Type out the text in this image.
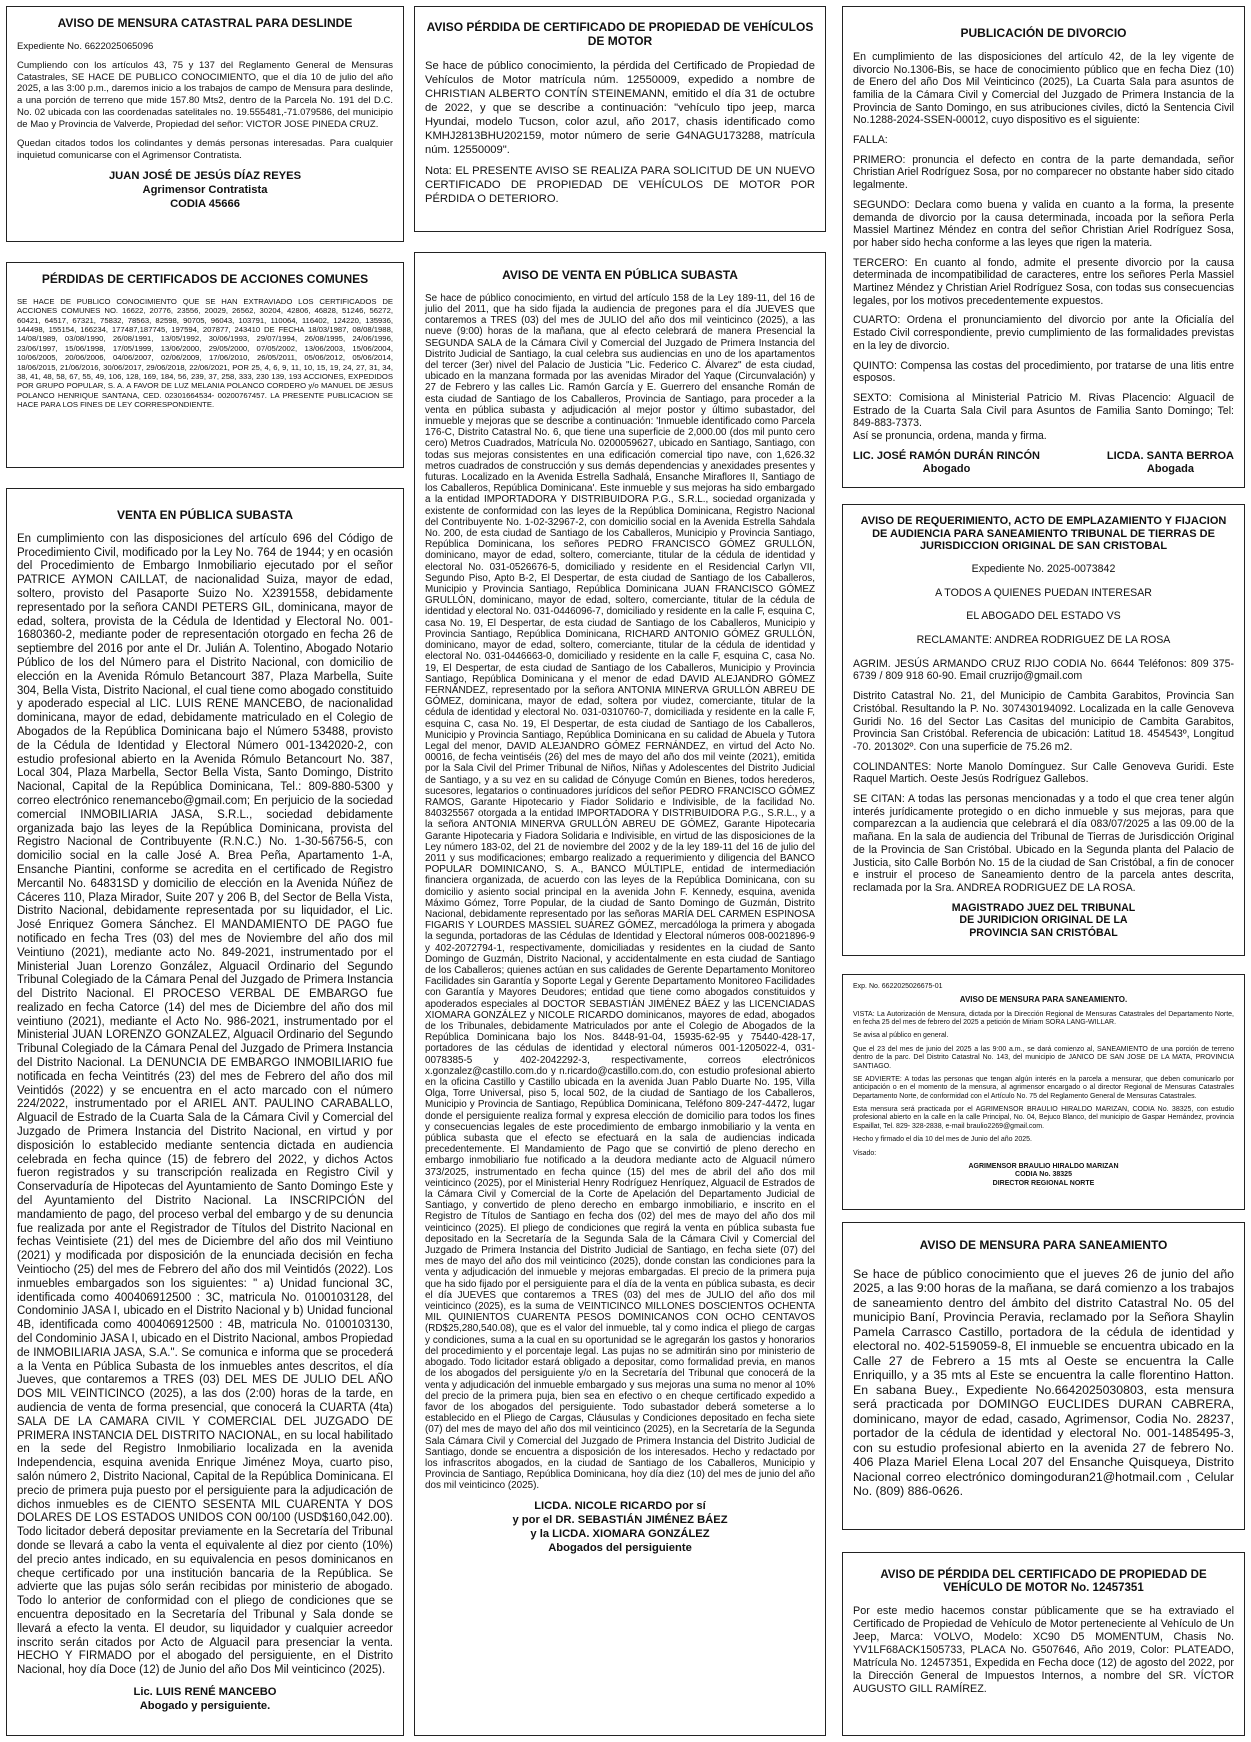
AVISO DE MENSURA CATASTRAL PARA DESLINDE

Expediente No. 6622025065096

Cumpliendo con los artículos 43, 75 y 137 del Reglamento General de Mensuras Catastrales, SE HACE DE PUBLICO CONOCIMIENTO, que el día 10 de julio del año 2025, a las 3:00 p.m., daremos inicio a los trabajos de campo de Mensura para deslinde, a una porción de terreno que mide 157.80 Mts2, dentro de la Parcela No. 191 del D.C. No. 02 ubicada con las coordenadas satelitales no. 19.555481,-71.079586, del municipio de Mao y Provincia de Valverde, Propiedad del señor: VICTOR JOSE PINEDA CRUZ.

Quedan citados todos los colindantes y demás personas interesadas. Para cualquier inquietud comunicarse con el Agrimensor Contratista.

JUAN JOSÉ DE JESÚS DÍAZ REYES
Agrimensor Contratista
CODIA 45666
PÉRDIDAS DE CERTIFICADOS DE ACCIONES COMUNES

SE HACE DE PUBLICO CONOCIMIENTO QUE SE HAN EXTRAVIADO LOS CERTIFICADOS DE ACCIONES COMUNES NO. 16622, 20776, 23556, 20029, 26562, 30204, 42806, 46828, 51246, 56272, 60421, 64517, 67321, 75832, 78563, 82598, 90705, 96043, 103791, 110064, 116402, 124220, 135936, 144498, 155154, 166234, 177487,187745, 197594, 207877, 243410 DE FECHA 18/03/1987, 08/08/1988, 14/08/1989, 03/08/1990, 26/08/1991, 13/05/1992, 30/06/1993, 29/07/1994, 26/08/1995, 24/06/1996, 23/06/1997, 15/06/1998, 17/05/1999, 13/06/2000, 29/05/2000, 07/05/2002, 13/06/2003, 15/06/2004, 10/06/2005, 20/06/2006, 04/06/2007, 02/06/2009, 17/06/2010, 26/05/2011, 05/06/2012, 05/06/2014, 18/06/2015, 21/06/2016, 30/06/2017, 29/06/2018, 22/06/2021, POR 25, 4, 6, 9, 11, 10, 15, 19, 24, 27, 31, 34, 38, 41, 48, 58, 67, 55, 49, 106, 128, 169, 184, 56, 239, 37, 258, 333, 230 139, 193 ACCIONES, EXPEDIDOS POR GRUPO POPULAR, S. A. A FAVOR DE LUZ MELANIA POLANCO CORDERO y/o MANUEL DE JESUS POLANCO HENRIQUE SANTANA, CED. 02301664534- 00200767457. LA PRESENTE PUBLICACION SE HACE PARA LOS FINES DE LEY CORRESPONDIENTE.

VENTA EN PÚBLICA SUBASTA

En cumplimiento con las disposiciones del artículo 696 del Código de Procedimiento Civil, modificado por la Ley No. 764 de 1944; y en ocasión del Procedimiento de Embargo Inmobiliario ejecutado por el señor PATRICE AYMON CAILLAT, de nacionalidad Suiza, mayor de edad, soltero, provisto del Pasaporte Suizo No. X2391558, debidamente representado por la señora CANDI PETERS GIL, dominicana, mayor de edad, soltera, provista de la Cédula de Identidad y Electoral No. 001-1680360-2, mediante poder de representación otorgado en fecha 26 de septiembre del 2016 por ante el Dr. Julián A. Tolentino, Abogado Notario Público de los del Número para el Distrito Nacional, con domicilio de elección en la Avenida Rómulo Betancourt 387, Plaza Marbella, Suite 304, Bella Vista, Distrito Nacional, el cual tiene como abogado constituido y apoderado especial al LIC. LUIS RENE MANCEBO, de nacionalidad dominicana, mayor de edad, debidamente matriculado en el Colegio de Abogados de la República Dominicana bajo el Número 53488, provisto de la Cédula de Identidad y Electoral Número 001-1342020-2, con estudio profesional abierto en la Avenida Rómulo Betancourt No. 387, Local 304, Plaza Marbella, Sector Bella Vista, Santo Domingo, Distrito Nacional, Capital de la República Dominicana, Tel.: 809-880-5300 y correo electrónico renemancebo@gmail.com; En perjuicio de la sociedad comercial INMOBILIARIA JASA, S.R.L., sociedad debidamente organizada bajo las leyes de la República Dominicana, provista del Registro Nacional de Contribuyente (R.N.C.) No. 1-30-56756-5, con domicilio social en la calle José A. Brea Peña, Apartamento 1-A, Ensanche Piantini, conforme se acredita en el certificado de Registro Mercantil No. 64831SD y domicilio de elección en la Avenida Núñez de Cáceres 110, Plaza Mirador, Suite 207 y 206 B, del Sector de Bella Vista, Distrito Nacional, debidamente representada por su liquidador, el Lic. José Enriquez Gomera Sánchez. El MANDAMIENTO DE PAGO fue notificado en fecha Tres (03) del mes de Noviembre del año dos mil Veintiuno (2021), mediante acto No. 849-2021, instrumentado por el Ministerial Juan Lorenzo González, Alguacil Ordinario del Segundo Tribunal Colegiado de la Cámara Penal del Juzgado de Primera Instancia del Distrito Nacional. El PROCESO VERBAL DE EMBARGO fue realizado en fecha Catorce (14) del mes de Diciembre del año dos mil veintiuno (2021), mediante el Acto No. 986-2021, instrumentado por el Ministerial JUAN LORENZO GONZALEZ, Alguacil Ordinario del Segundo Tribunal Colegiado de la Cámara Penal del Juzgado de Primera Instancia del Distrito Nacional. La DENUNCIA DE EMBARGO INMOBILIARIO fue notificada en fecha Veintitrés (23) del mes de Febrero del año dos mil Veintidós (2022) y se encuentra en el acto marcado con el número 224/2022, instrumentado por el ARIEL ANT. PAULINO CARABALLO, Alguacil de Estrado de la Cuarta Sala de la Cámara Civil y Comercial del Juzgado de Primera Instancia del Distrito Nacional, en virtud y por disposición lo establecido mediante sentencia dictada en audiencia celebrada en fecha quince (15) de febrero del 2022, y dichos Actos fueron registrados y su transcripción realizada en Registro Civil y Conservaduría de Hipotecas del Ayuntamiento de Santo Domingo Este y del Ayuntamiento del Distrito Nacional. La INSCRIPCIÓN del mandamiento de pago, del proceso verbal del embargo y de su denuncia fue realizada por ante el Registrador de Títulos del Distrito Nacional en fechas Veintisiete (21) del mes de Diciembre del año dos mil Veintiuno (2021) y modificada por disposición de la enunciada decisión en fecha Veintiocho (25) del mes de Febrero del año dos mil Veintidós (2022). Los inmuebles embargados son los siguientes: " a) Unidad funcional 3C, identificada como 400406912500 : 3C, matricula No. 0100103128, del Condominio JASA I, ubicado en el Distrito Nacional y b) Unidad funcional 4B, identificada como 400406912500 : 4B, matricula No. 0100103130, del Condominio JASA I, ubicado en el Distrito Nacional, ambos Propiedad de INMOBILIARIA JASA, S.A.". Se comunica e informa que se procederá a la Venta en Pública Subasta de los inmuebles antes descritos, el día Jueves, que contaremos a TRES (03) DEL MES DE JULIO DEL AÑO DOS MIL VEINTICINCO (2025), a las dos (2:00) horas de la tarde, en audiencia de venta de forma presencial, que conocerá la CUARTA (4ta) SALA DE LA CAMARA CIVIL Y COMERCIAL DEL JUZGADO DE PRIMERA INSTANCIA DEL DISTRITO NACIONAL, en su local habilitado en la sede del Registro Inmobiliario localizada en la avenida Independencia, esquina avenida Enrique Jiménez Moya, cuarto piso, salón número 2, Distrito Nacional, Capital de la República Dominicana. El precio de primera puja puesto por el persiguiente para la adjudicación de dichos inmuebles es de CIENTO SESENTA MIL CUARENTA Y DOS DOLARES DE LOS ESTADOS UNIDOS CON 00/100 (USD$160,042.00). Todo licitador deberá depositar previamente en la Secretaría del Tribunal donde se llevará a cabo la venta el equivalente al diez por ciento (10%) del precio antes indicado, en su equivalencia en pesos dominicanos en cheque certificado por una institución bancaria de la República. Se advierte que las pujas sólo serán recibidas por ministerio de abogado. Todo lo anterior de conformidad con el pliego de condiciones que se encuentra depositado en la Secretaría del Tribunal y Sala donde se llevará a efecto la venta. El deudor, su liquidador y cualquier acreedor inscrito serán citados por Acto de Alguacil para presenciar la venta. HECHO Y FIRMADO por el abogado del persiguiente, en el Distrito Nacional, hoy día Doce (12) de Junio del año Dos Mil veinticinco (2025).

Lic. LUIS RENÉ MANCEBO
Abogado y persiguiente.
AVISO PÉRDIDA DE CERTIFICADO DE PROPIEDAD DE VEHÍCULOS DE MOTOR

Se hace de público conocimiento, la pérdida del Certificado de Propiedad de Vehículos de Motor matrícula núm. 12550009, expedido a nombre de CHRISTIAN ALBERTO CONTÍN STEINEMANN, emitido el día 31 de octubre de 2022, y que se describe a continuación: "vehículo tipo jeep, marca Hyundai, modelo Tucson, color azul, año 2017, chasis identificado como KMHJ2813BHU202159, motor número de serie G4NAGU173288, matrícula núm. 12550009".

Nota: EL PRESENTE AVISO SE REALIZA PARA SOLICITUD DE UN NUEVO CERTIFICADO DE PROPIEDAD DE VEHÍCULOS DE MOTOR POR PÉRDIDA O DETERIORO.

AVISO DE VENTA EN PÚBLICA SUBASTA

Se hace de público conocimiento, en virtud del artículo 158 de la Ley 189-11, del 16 de julio del 2011, que ha sido fijada la audiencia de pregones para el día JUEVES que contaremos a TRES (03) del mes de JULIO del año dos mil veinticinco (2025), a las nueve (9:00) horas de la mañana, que al efecto celebrará de manera Presencial la SEGUNDA SALA de la Cámara Civil y Comercial del Juzgado de Primera Instancia del Distrito Judicial de Santiago, la cual celebra sus audiencias en uno de los apartamentos del tercer (3er) nivel del Palacio de Justicia "Lic. Federico C. Álvarez" de esta ciudad, ubicado en la manzana formada por las avenidas Mirador del Yaque (Circunvalación) y 27 de Febrero y las calles Lic. Ramón García y E. Guerrero del ensanche Román de esta ciudad de Santiago de los Caballeros, Provincia de Santiago, para proceder a la venta en pública subasta y adjudicación al mejor postor y último subastador, del inmueble y mejoras que se describe a continuación: 'Inmueble identificado como Parcela 176-C, Distrito Catastral No. 6, que tiene una superficie de 2,000.00 (dos mil punto cero cero) Metros Cuadrados, Matrícula No. 0200059627, ubicado en Santiago, Santiago, con todas sus mejoras consistentes en una edificación comercial tipo nave, con 1,626.32 metros cuadrados de construcción y sus demás dependencias y anexidades presentes y futuras. Localizado en la Avenida Estrella Sadhalá, Ensanche Miraflores II, Santiago de los Caballeros, República Dominicana'. Este inmueble y sus mejoras ha sido embargado a la entidad IMPORTADORA Y DISTRIBUIDORA P.G., S.R.L., sociedad organizada y existente de conformidad con las leyes de la República Dominicana, Registro Nacional del Contribuyente No. 1-02-32967-2, con domicilio social en la Avenida Estrella Sahdala No. 200, de esta ciudad de Santiago de los Caballeros, Municipio y Provincia Santiago, República Dominicana, los señores PEDRO FRANCISCO GÓMEZ GRULLÓN, dominicano, mayor de edad, soltero, comerciante, titular de la cédula de identidad y electoral No. 031-0526676-5, domiciliado y residente en el Residencial Carlyn VII, Segundo Piso, Apto B-2, El Despertar, de esta ciudad de Santiago de los Caballeros, Municipio y Provincia Santiago, República Dominicana JUAN FRANCISCO GÓMEZ GRULLÓN, dominicano, mayor de edad, soltero, comerciante, titular de la cédula de identidad y electoral No. 031-0446096-7, domiciliado y residente en la calle F, esquina C, casa No. 19, El Despertar, de esta ciudad de Santiago de los Caballeros, Municipio y Provincia Santiago, República Dominicana, RICHARD ANTONIO GÓMEZ GRULLÓN, dominicano, mayor de edad, soltero, comerciante, titular de la cédula de identidad y electoral No. 031-0446663-0, domiciliado y residente en la calle F, esquina C, casa No. 19, El Despertar, de esta ciudad de Santiago de los Caballeros, Municipio y Provincia Santiago, República Dominicana y el menor de edad DAVID ALEJANDRO GÓMEZ FERNÁNDEZ, representado por la señora ANTONIA MINERVA GRULLÓN ABREU DE GÓMEZ, dominicana, mayor de edad, soltera por viudez, comerciante, titular de la cédula de identidad y electoral No. 031-0310760-7, domiciliada y residente en la calle F, esquina C, casa No. 19, El Despertar, de esta ciudad de Santiago de los Caballeros, Municipio y Provincia Santiago, República Dominicana en su calidad de Abuela y Tutora Legal del menor, DAVID ALEJANDRO GÓMEZ FERNÁNDEZ, en virtud del Acto No. 00016, de fecha veintiséis (26) del mes de mayo del año dos mil veinte (2021), emitida por la Sala Civil del Primer Tribunal de Niños, Niñas y Adolescentes del Distrito Judicial de Santiago, y a su vez en su calidad de Cónyuge Común en Bienes, todos herederos, sucesores, legatarios o continuadores jurídicos del señor PEDRO FRANCISCO GÓMEZ RAMOS, Garante Hipotecario y Fiador Solidario e Indivisible, de la facilidad No. 840325567 otorgada a la entidad IMPORTADORA Y DISTRIBUIDORA P.G., S.R.L., y a la señora ANTONIA MINERVA GRULLÓN ABREU DE GÓMEZ, Garante Hipotecaria Garante Hipotecaria y Fiadora Solidaria e Indivisible, en virtud de las disposiciones de la Ley número 183-02, del 21 de noviembre del 2002 y de la ley 189-11 del 16 de julio del 2011 y sus modificaciones; embargo realizado a requerimiento y diligencia del BANCO POPULAR DOMINICANO, S. A., BANCO MÚLTIPLE, entidad de intermediación financiera organizada, de acuerdo con las leyes de la República Dominicana, con su domicilio y asiento social principal en la avenida John F. Kennedy, esquina, avenida Máximo Gómez, Torre Popular, de la ciudad de Santo Domingo de Guzmán, Distrito Nacional, debidamente representado por las señoras MARÍA DEL CARMEN ESPINOSA FIGARIS Y LOURDES MASSIEL SUÁREZ GÓMEZ, mercadóloga la primera y abogada la segunda, portadoras de las Cédulas de Identidad y Electoral números 008-0021896-9 y 402-2072794-1, respectivamente, domiciliadas y residentes en la ciudad de Santo Domingo de Guzmán, Distrito Nacional, y accidentalmente en esta ciudad de Santiago de los Caballeros; quienes actúan en sus calidades de Gerente Departamento Monitoreo Facilidades sin Garantía y Soporte Legal y Gerente Departamento Monitoreo Facilidades con Garantía y Mayores Deudores; entidad que tiene como abogados constituidos y apoderados especiales al DOCTOR SEBASTIÁN JIMÉNEZ BÁEZ y las LICENCIADAS XIOMARA GONZÁLEZ y NICOLE RICARDO dominicanos, mayores de edad, abogados de los Tribunales, debidamente Matriculados por ante el Colegio de Abogados de la República Dominicana bajo los Nos. 8448-91-04, 15935-62-95 y 75440-428-17, portadores de las cédulas de identidad y electoral números 001-1205022-4, 031-0078385-5 y 402-2042292-3, respectivamente, correos electrónicos x.gonzalez@castillo.com.do y n.ricardo@castillo.com.do, con estudio profesional abierto en la oficina Castillo y Castillo ubicada en la avenida Juan Pablo Duarte No. 195, Villa Olga, Torre Universal, piso 5, local 502, de la ciudad de Santiago de los Caballeros, Municipio y Provincia de Santiago, República Dominicana, Teléfono 809-247-4472, lugar donde el persiguiente realiza formal y expresa elección de domicilio para todos los fines y consecuencias legales de este procedimiento de embargo inmobiliario y la venta en pública subasta que el efecto se efectuará en la sala de audiencias indicada precedentemente. El Mandamiento de Pago que se convirtió de pleno derecho en embargo inmobiliario fue notificado a la deudora mediante acto de Alguacil número 373/2025, instrumentado en fecha quince (15) del mes de abril del año dos mil veinticinco (2025), por el Ministerial Henry Rodríguez Henríquez, Alguacil de Estrados de la Cámara Civil y Comercial de la Corte de Apelación del Departamento Judicial de Santiago, y convertido de pleno derecho en embargo inmobiliario, e inscrito en el Registro de Títulos de Santiago en fecha dos (02) del mes de mayo del año dos mil veinticinco (2025). El pliego de condiciones que regirá la venta en pública subasta fue depositado en la Secretaría de la Segunda Sala de la Cámara Civil y Comercial del Juzgado de Primera Instancia del Distrito Judicial de Santiago, en fecha siete (07) del mes de mayo del año dos mil veinticinco (2025), donde constan las condiciones para la venta y adjudicación del inmueble y mejoras embargadas. El precio de la primera puja que ha sido fijado por el persiguiente para el día de la venta en pública subasta, es decir el día JUEVES que contaremos a TRES (03) del mes de JULIO del año dos mil veinticinco (2025), es la suma de VEINTICINCO MILLONES DOSCIENTOS OCHENTA MIL QUINIENTOS CUARENTA PESOS DOMINICANOS CON OCHO CENTAVOS (RD$25,280,540.08), que es el valor del inmueble, tal y como indica el pliego de cargas y condiciones, suma a la cual en su oportunidad se le agregarán los gastos y honorarios del procedimiento y el porcentaje legal. Las pujas no se admitirán sino por ministerio de abogado. Todo licitador estará obligado a depositar, como formalidad previa, en manos de los abogados del persiguiente y/o en la Secretaría del Tribunal que conocerá de la venta y adjudicación del inmueble embargado y sus mejoras una suma no menor al 10% del precio de la primera puja, bien sea en efectivo o en cheque certificado expedido a favor de los abogados del persiguiente. Todo subastador deberá someterse a lo establecido en el Pliego de Cargas, Cláusulas y Condiciones depositado en fecha siete (07) del mes de mayo del año dos mil veinticinco (2025), en la Secretaría de la Segunda Sala Cámara Civil y Comercial del Juzgado de Primera Instancia del Distrito Judicial de Santiago, donde se encuentra a disposición de los interesados. Hecho y redactado por los infrascritos abogados, en la ciudad de Santiago de los Caballeros, Municipio y Provincia de Santiago, República Dominicana, hoy día diez (10) del mes de junio del año dos mil veinticinco (2025).

LICDA. NICOLE RICARDO por sí
y por el DR. SEBASTIÁN JIMÉNEZ BÁEZ
y la LICDA. XIOMARA GONZÁLEZ
Abogados del persiguiente
PUBLICACIÓN DE DIVORCIO

En cumplimiento de las disposiciones del artículo 42, de la ley vigente de divorcio No.1306-Bis, se hace de conocimiento público que en fecha Diez (10) de Enero del año Dos Mil Veinticinco (2025), La Cuarta Sala para asuntos de familia de la Cámara Civil y Comercial del Juzgado de Primera Instancia de la Provincia de Santo Domingo, en sus atribuciones civiles, dictó la Sentencia Civil No.1288-2024-SSEN-00012, cuyo dispositivo es el siguiente:

FALLA:

PRIMERO: pronuncia el defecto en contra de la parte demandada, señor Christian Ariel Rodríguez Sosa, por no comparecer no obstante haber sido citado legalmente.

SEGUNDO: Declara como buena y valida en cuanto a la forma, la presente demanda de divorcio por la causa determinada, incoada por la señora Perla Massiel Martinez Méndez en contra del señor Christian Ariel Rodríguez Sosa, por haber sido hecha conforme a las leyes que rigen la materia.

TERCERO: En cuanto al fondo, admite el presente divorcio por la causa determinada de incompatibilidad de caracteres, entre los señores Perla Massiel Martinez Méndez y Christian Ariel Rodríguez Sosa, con todas sus consecuencias legales, por los motivos precedentemente expuestos.

CUARTO: Ordena el pronunciamiento del divorcio por ante la Oficialía del Estado Civil correspondiente, previo cumplimiento de las formalidades previstas en la ley de divorcio.

QUINTO: Compensa las costas del procedimiento, por tratarse de una litis entre esposos.

SEXTO: Comisiona al Ministerial Patricio M. Rivas Placencio: Alguacil de Estrado de la Cuarta Sala Civil para Asuntos de Familia Santo Domingo; Tel: 849-883-7373.

Así se pronuncia, ordena, manda y firma.

LIC. JOSÉ RAMÓN DURÁN RINCÓN
Abogado
LICDA. SANTA BERROA
Abogada
AVISO DE REQUERIMIENTO, ACTO DE EMPLAZAMIENTO Y FIJACION DE AUDIENCIA PARA SANEAMIENTO TRIBUNAL DE TIERRAS DE JURISDICCION ORIGINAL DE SAN CRISTOBAL

Expediente No. 2025-0073842

A TODOS A QUIENES PUEDAN INTERESAR

EL ABOGADO DEL ESTADO VS

RECLAMANTE: ANDREA RODRIGUEZ DE LA ROSA

AGRIM. JESÚS ARMANDO CRUZ RIJO CODIA No. 6644 Teléfonos: 809 375-6739 / 809 918 60-90. Email cruzrijo@gmail.com

Distrito Catastral No. 21, del Municipio de Cambita Garabitos, Provincia San Cristóbal. Resultando la P. No. 307430194092. Localizada en la calle Genoveva Guridi No. 16 del Sector Las Casitas del municipio de Cambita Garabitos, Provincia San Cristóbal. Referencia de ubicación: Latitud 18. 454543º, Longitud -70. 201302º. Con una superficie de 75.26 m2.

COLINDANTES: Norte Manolo Domínguez. Sur Calle Genoveva Guridi. Este Raquel Martich. Oeste Jesús Rodríguez Gallebos.

SE CITAN: A todas las personas mencionadas y a todo el que crea tener algún interés jurídicamente protegido o en dicho inmueble y sus mejoras, para que comparezcan a la audiencia que celebrará el día 083/07/2025 a las 09.00 de la mañana. En la sala de audiencia del Tribunal de Tierras de Jurisdicción Original de la Provincia de San Cristóbal. Ubicado en la Segunda planta del Palacio de Justicia, sito Calle Borbón No. 15 de la ciudad de San Cristóbal, a fin de conocer e instruir el proceso de Saneamiento dentro de la parcela antes descrita, reclamada por la Sra. ANDREA RODRIGUEZ DE LA ROSA.

MAGISTRADO JUEZ DEL TRIBUNAL
DE JURIDICION ORIGINAL DE LA
PROVINCIA SAN CRISTÓBAL
Exp. No. 6622025026675-01
AVISO DE MENSURA PARA SANEAMIENTO.

VISTA: La Autorización de Mensura, dictada por la Dirección Regional de Mensuras Catastrales del Departamento Norte, en fecha 25 del mes de febrero del 2025 a petición de Miriam SORA LANG-WILLAR.

Se avisa al público en general.

Que el 23 del mes de junio del 2025 a las 9:00 a.m., se dará comienzo al, SANEAMIENTO de una porción de terreno dentro de la parc. Del Distrito Catastral No. 143, del municipio de JANICO DE SAN JOSE DE LA MATA, PROVINCIA SANTIAGO.

SE ADVIERTE: A todas las personas que tengan algún interés en la parcela a mensurar, que deben comunicarlo por anticipación o en el momento de la mensura, al agrimensor encargado o al director Regional de Mensuras Catastrales Departamento Norte, de conformidad con el Artículo No. 75 del Reglamento General de Mensuras Catastrales.

Esta mensura será practicada por el AGRIMENSOR BRAULIO HIRALDO MARIZAN, CODIA No. 38325, con estudio profesional abierto en la calle en la calle Principal, No. 04, Bejuco Blanco, del municipio de Gaspar Hernández, provincia Espaillat, Tel. 829- 328-2838, e-mail braulio2269@gmail.com.

Hecho y firmado el día 10 del mes de Junio del año 2025.

Visado:

AGRIMENSOR BRAULIO HIRALDO MARIZAN
CODIA No. 38325
DIRECTOR REGIONAL NORTE
AVISO DE MENSURA PARA SANEAMIENTO

Se hace de público conocimiento que el jueves 26 de junio del año 2025, a las 9:00 horas de la mañana, se dará comienzo a los trabajos de saneamiento dentro del ámbito del distrito Catastral No. 05 del municipio Baní, Provincia Peravia, reclamado por la Señora Shaylin Pamela Carrasco Castillo, portadora de la cédula de identidad y electoral no. 402-5159059-8, El inmueble se encuentra ubicado en la Calle 27 de Febrero a 15 mts al Oeste se encuentra la Calle Enriquillo, y a 35 mts al Este se encuentra la calle florentino Hatton. En sabana Buey., Expediente No.6642025030803, esta mensura será practicada por DOMINGO EUCLIDES DURAN CABRERA, dominicano, mayor de edad, casado, Agrimensor, Codia No. 28237, portador de la cédula de identidad y electoral No. 001-1485495-3, con su estudio profesional abierto en la avenida 27 de febrero No. 406 Plaza Mariel Elena Local 207 del Ensanche Quisqueya, Distrito Nacional correo electrónico domingoduran21@hotmail.com , Celular No. (809) 886-0626.

AVISO DE PÉRDIDA DEL CERTIFICADO DE PROPIEDAD DE VEHÍCULO DE MOTOR No. 12457351

Por este medio hacemos constar públicamente que se ha extraviado el Certificado de Propiedad de Vehículo de Motor perteneciente al Vehículo de Un Jeep, Marca: VOLVO, Modelo: XC90 D5 MOMENTUM, Chasis No. YV1LF68ACK1505733, PLACA No. G507646, Año 2019, Color: PLATEADO, Matrícula No. 12457351, Expedida en Fecha doce (12) de agosto del 2022, por la Dirección General de Impuestos Internos, a nombre del SR. VÍCTOR AUGUSTO GILL RAMÍREZ.
